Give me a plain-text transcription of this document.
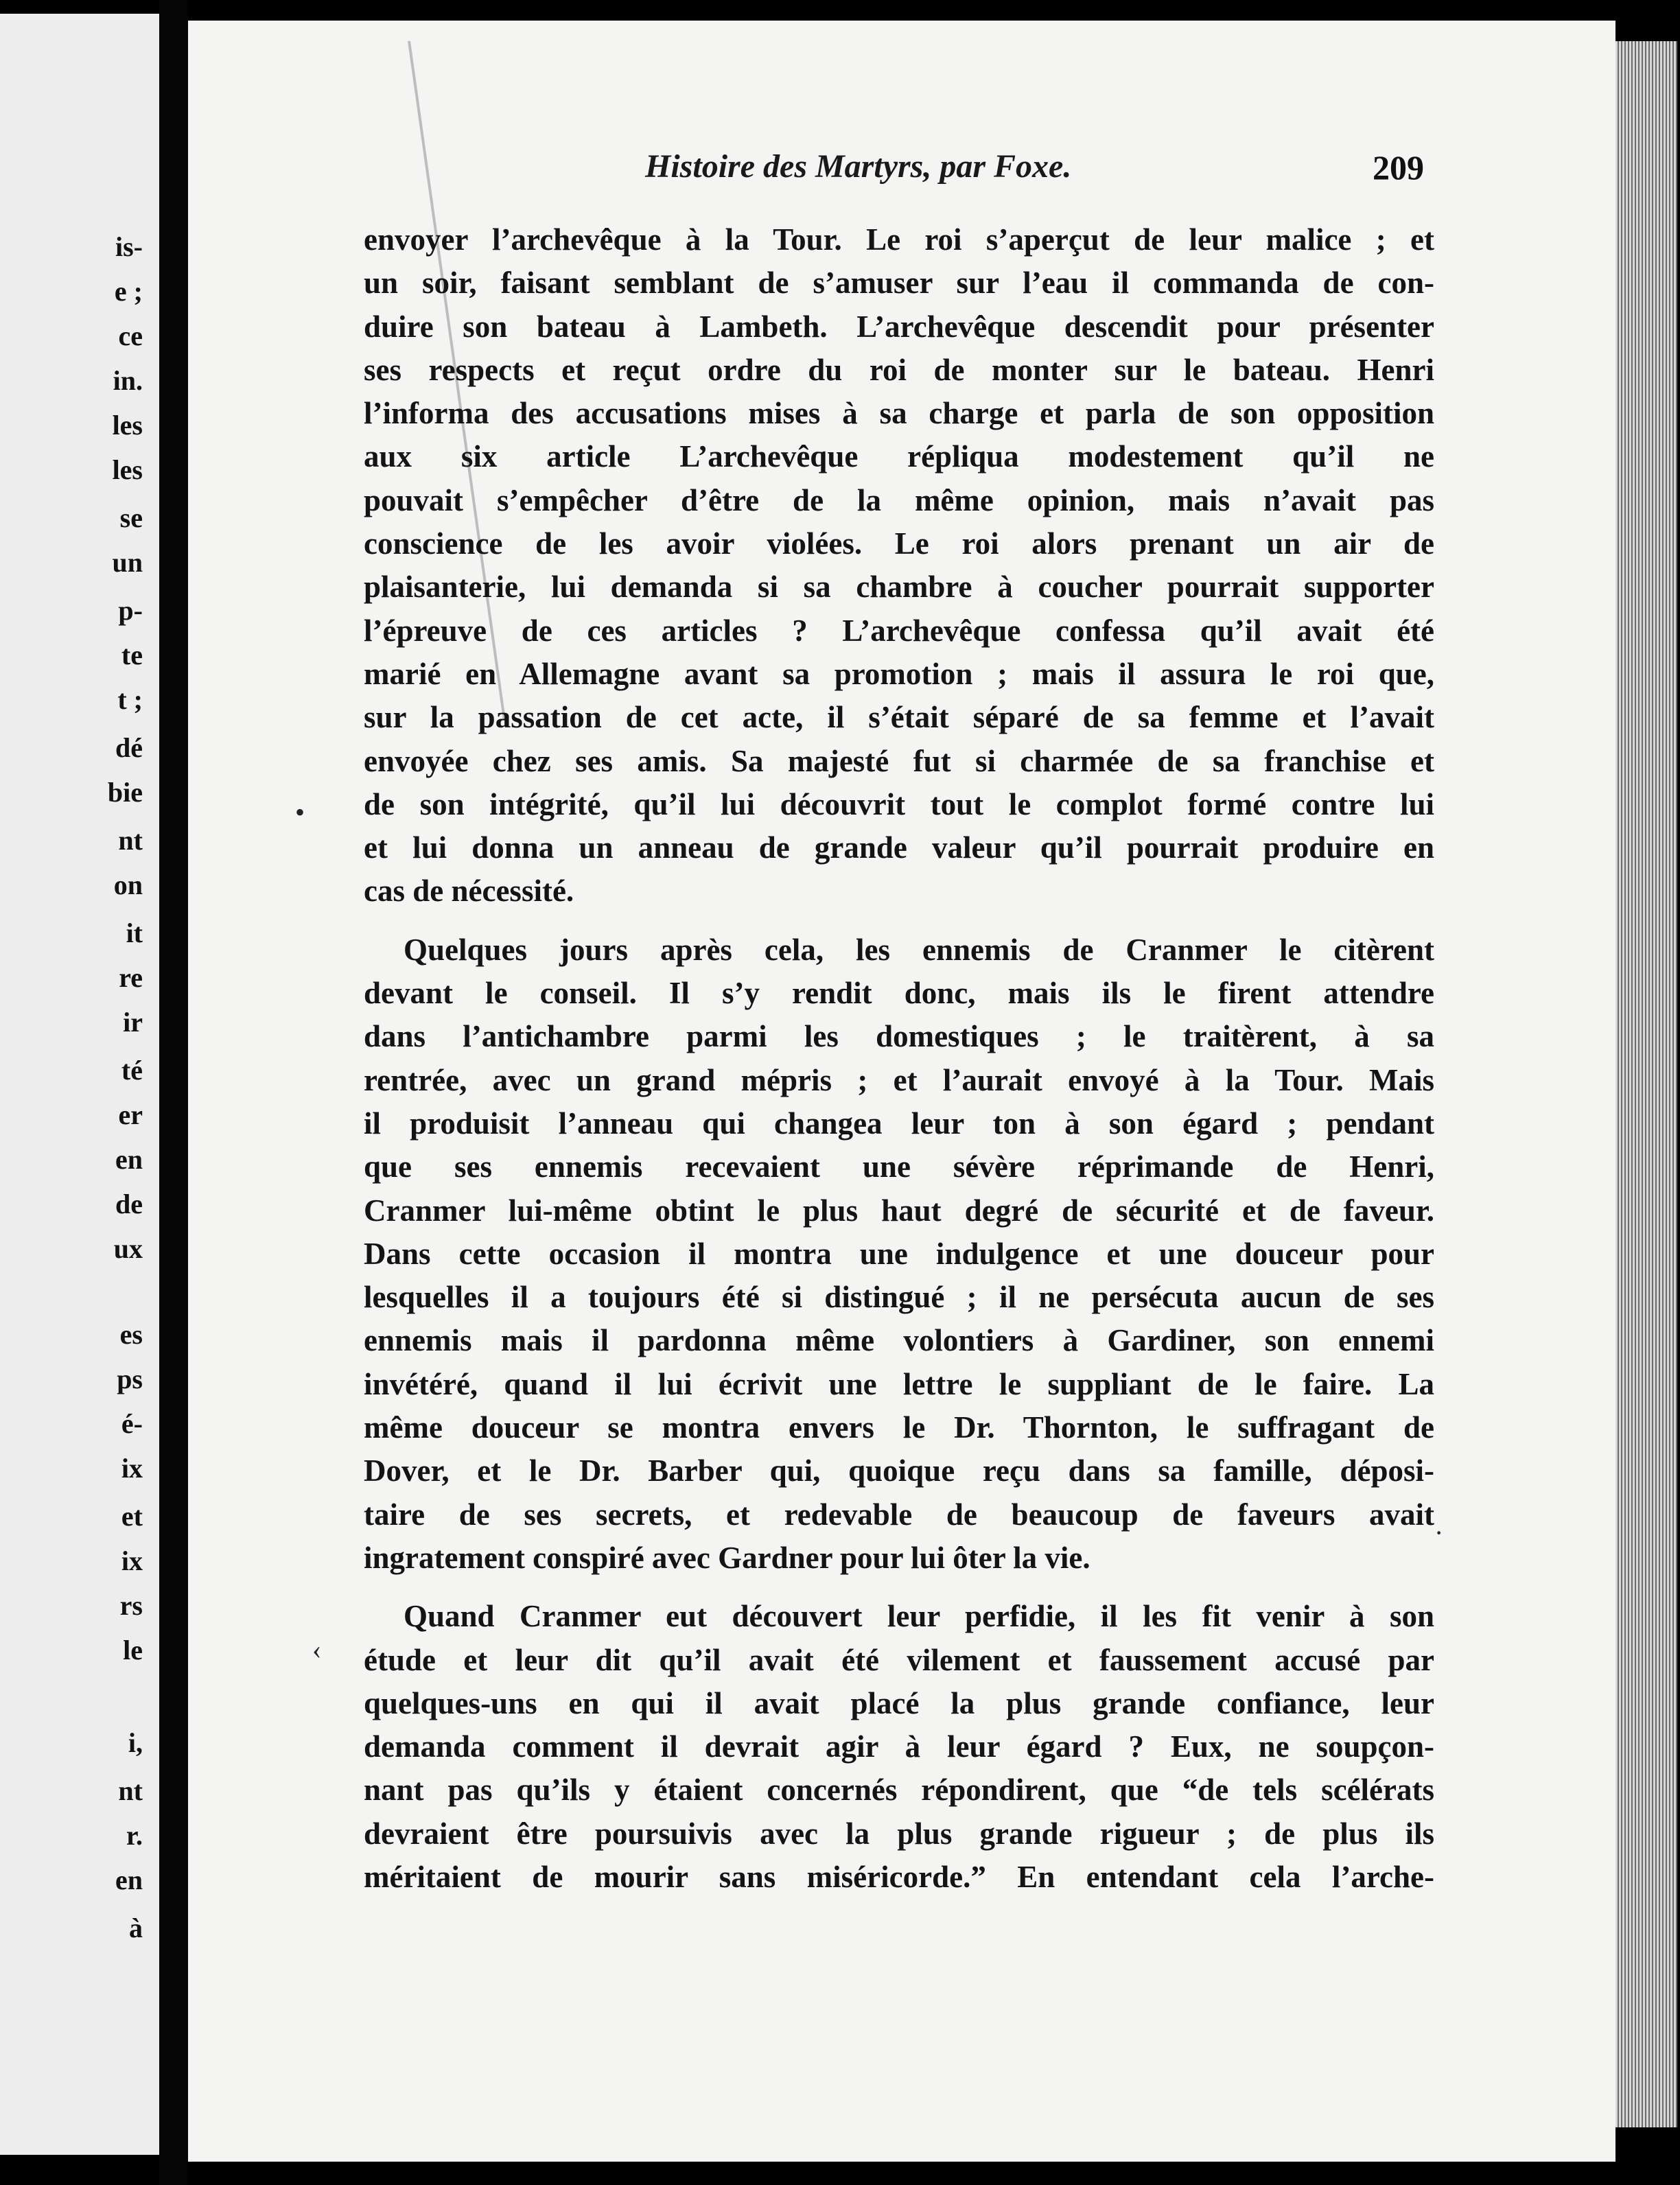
is-
e ;
ce
in.
les
les
se
un
p-
te
t ;
dé
bie
nt
on
it
re
ir
té
er
en
de
ux
es
ps
é-
ix
et
ix
rs
le
i,
nt
r.
en
à
Histoire des Martyrs, par Foxe.	209
envoyer l’archevêque à la Tour. Le roi s’aperçut de leur malice ; et
un soir, faisant semblant de s’amuser sur l’eau il commanda de con-
duire son bateau à Lambeth. L’archevêque descendit pour présenter
ses respects et reçut ordre du roi de monter sur le bateau. Henri
l’informa des accusations mises à sa charge et parla de son opposition
aux six article L’archevêque répliqua modestement qu’il ne
pouvait s’empêcher d’être de la même opinion, mais n’avait pas
conscience de les avoir violées. Le roi alors prenant un air de
plaisanterie, lui demanda si sa chambre à coucher pourrait supporter
l’épreuve de ces articles ? L’archevêque confessa qu’il avait été
marié en Allemagne avant sa promotion ; mais il assura le roi que,
sur la passation de cet acte, il s’était séparé de sa femme et l’avait
envoyée chez ses amis. Sa majesté fut si charmée de sa franchise et
de son intégrité, qu’il lui découvrit tout le complot formé contre lui
et lui donna un anneau de grande valeur qu’il pourrait produire en
cas de nécessité.
Quelques jours après cela, les ennemis de Cranmer le citèrent
devant le conseil. Il s’y rendit donc, mais ils le firent attendre
dans l’antichambre parmi les domestiques ; le traitèrent, à sa
rentrée, avec un grand mépris ; et l’aurait envoyé à la Tour. Mais
il produisit l’anneau qui changea leur ton à son égard ; pendant
que ses ennemis recevaient une sévère réprimande de Henri,
Cranmer lui-même obtint le plus haut degré de sécurité et de faveur.
Dans cette occasion il montra une indulgence et une douceur pour
lesquelles il a toujours été si distingué ; il ne persécuta aucun de ses
ennemis mais il pardonna même volontiers à Gardiner, son ennemi
invétéré, quand il lui écrivit une lettre le suppliant de le faire. La
même douceur se montra envers le Dr. Thornton, le suffragant de
Dover, et le Dr. Barber qui, quoique reçu dans sa famille, déposi-
taire de ses secrets, et redevable de beaucoup de faveurs avait
ingratement conspiré avec Gardner pour lui ôter la vie.
Quand Cranmer eut découvert leur perfidie, il les fit venir à son
étude et leur dit qu’il avait été vilement et faussement accusé par
quelques-uns en qui il avait placé la plus grande confiance, leur
demanda comment il devrait agir à leur égard ? Eux, ne soupçon-
nant pas qu’ils y étaient concernés répondirent, que “de tels scélérats
devraient être poursuivis avec la plus grande rigueur ; de plus ils
méritaient de mourir sans miséricorde.” En entendant cela l’arche-
•
·
‹
